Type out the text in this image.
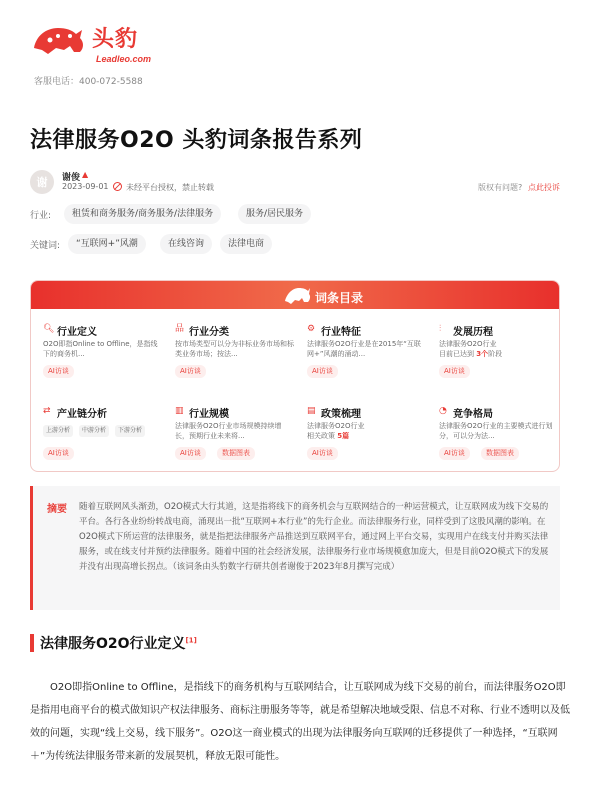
头豹
Leadleo.com
客服电话：400-072-5588
法律服务O2O 头豹词条报告系列
谢	谢俊 ▲
2023-09-01 未经平台授权，禁止转载	版权有问题? 点此投诉
行业:	租赁和商务服务/商务服务/法律服务	服务/居民服务
关键词:	“互联网+”风潮	在线咨询	法律电商
词条目录
🔍︎ 行业定义
O2O即指Online to Offline，是指线下的商务机...
AI访谈
品 行业分类
按市场类型可以分为非标业务市场和标类业务市场；按法...
AI访谈
⚙︎ 行业特征
法律服务O2O行业是在2015年“互联网+”风潮的涌动...
AI访谈
⫶	发展历程
法律服务O2O行业
目前已达到 3个阶段
AI访谈
⇄ 产业链分析
上游分析	中游分析	下游分析
AI访谈
▥ 行业规模
法律服务O2O行业市场规模持续增长，预期行业未来将...
AI访谈	数据图表
▤ 政策梳理
法律服务O2O行业
相关政策 5篇
AI访谈
◔ 竞争格局
法律服务O2O行业的主要模式进行划分，可以分为法...
AI访谈	数据图表
摘要 随着互联网风头渐劲，O2O模式大行其道，这是指将线下的商务机会与互联网结合的一种运营模式，让互联网成为线下交易的平台。各行各业纷纷转战电商，涌现出一批“互联网+本行业”的先行企业。而法律服务行业，同样受到了这股风潮的影响。在O2O模式下所运营的法律服务，就是指把法律服务产品推送到互联网平台，通过网上平台交易，实现用户在线支付并购买法律服务，或在线支付并预约法律服务。随着中国的社会经济发展，法律服务行业市场规模愈加庞大，但是目前O2O模式下的发展并没有出现高增长拐点。（该词条由头豹数字行研共创者谢俊于2023年8月撰写完成）
法律服务O2O行业定义[1]
O2O即指Online to Offline，是指线下的商务机构与互联网结合，让互联网成为线下交易的前台，而法律服务O2O即是指用电商平台的模式做知识产权法律服务、商标注册服务等等，就是希望解决地域受限、信息不对称、行业不透明以及低效的问题，实现“线上交易，线下服务”。O2O这一商业模式的出现为法律服务向互联网的迁移提供了一种选择，“互联网＋”为传统法律服务带来新的发展契机，释放无限可能性。
